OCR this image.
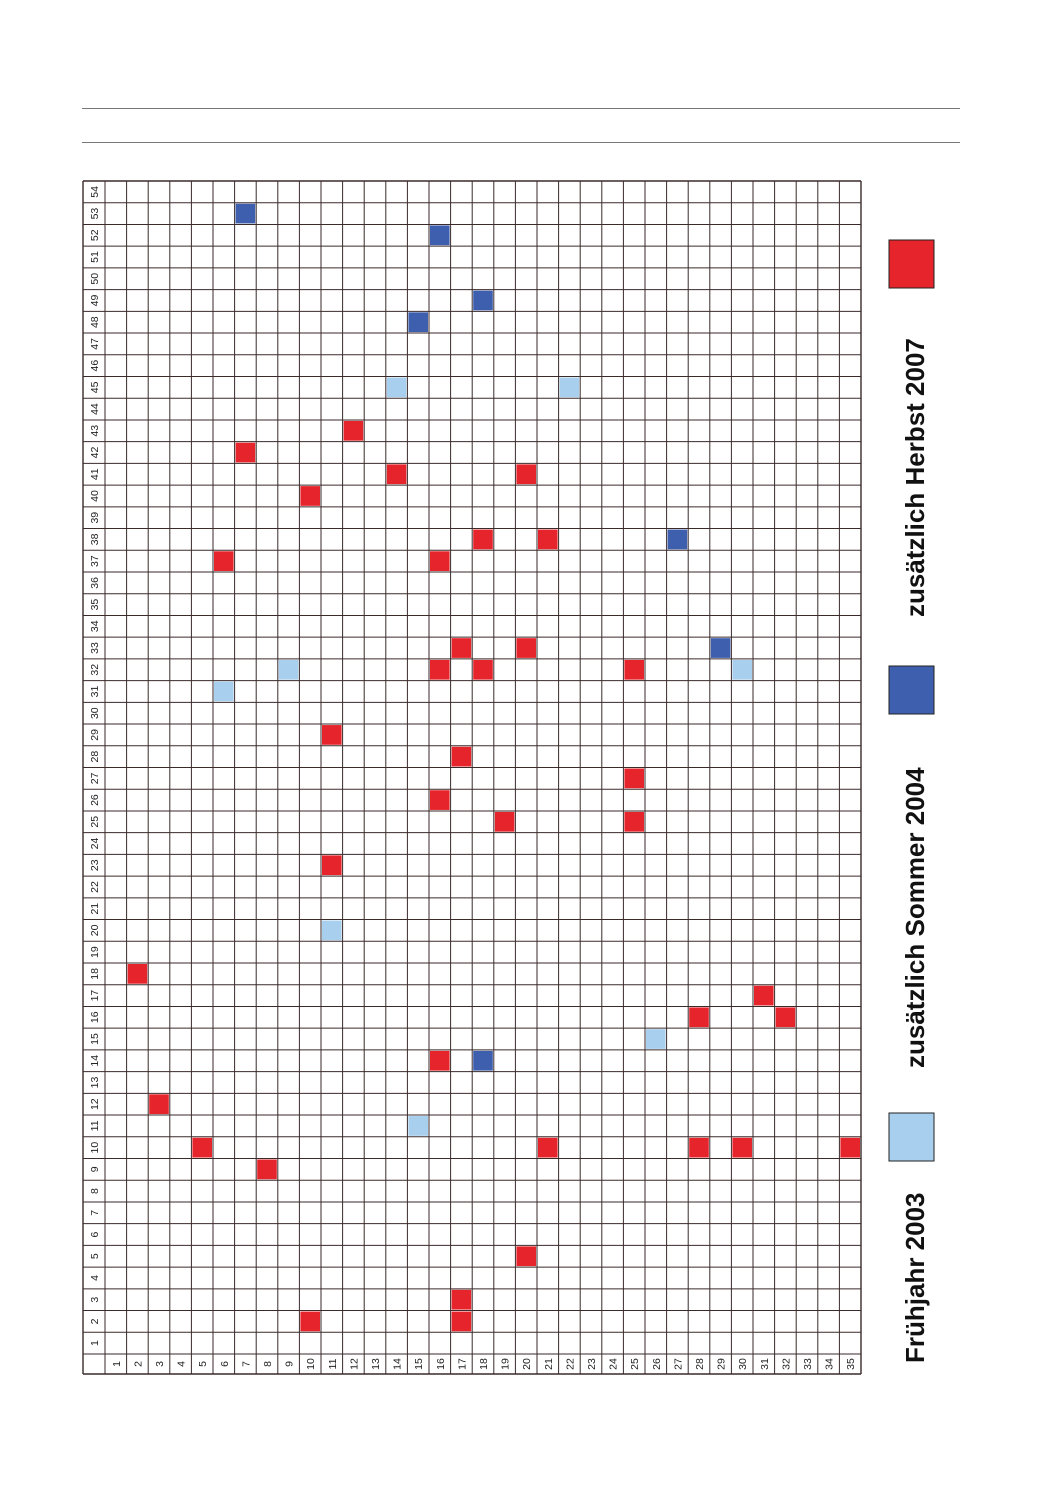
1
2
3
4
5
6
7
8
9
10
11
12
13
14
15
16
17
18
19
20
21
22
23
24
25
26
27
28
29
30
31
32
33
34
35
36
37
38
39
40
41
42
43
44
45
46
47
48
49
50
51
52
53
54
1 2 3 4 5 6 7 8 9 10 11 12 13 14 15 16 17 18 19 20 21 22 23 24 25 26 27 28 29 30 31 32 33 34 35
Frühjahr 2003
zusätzlich Sommer 2004
zusätzlich Herbst 2007
